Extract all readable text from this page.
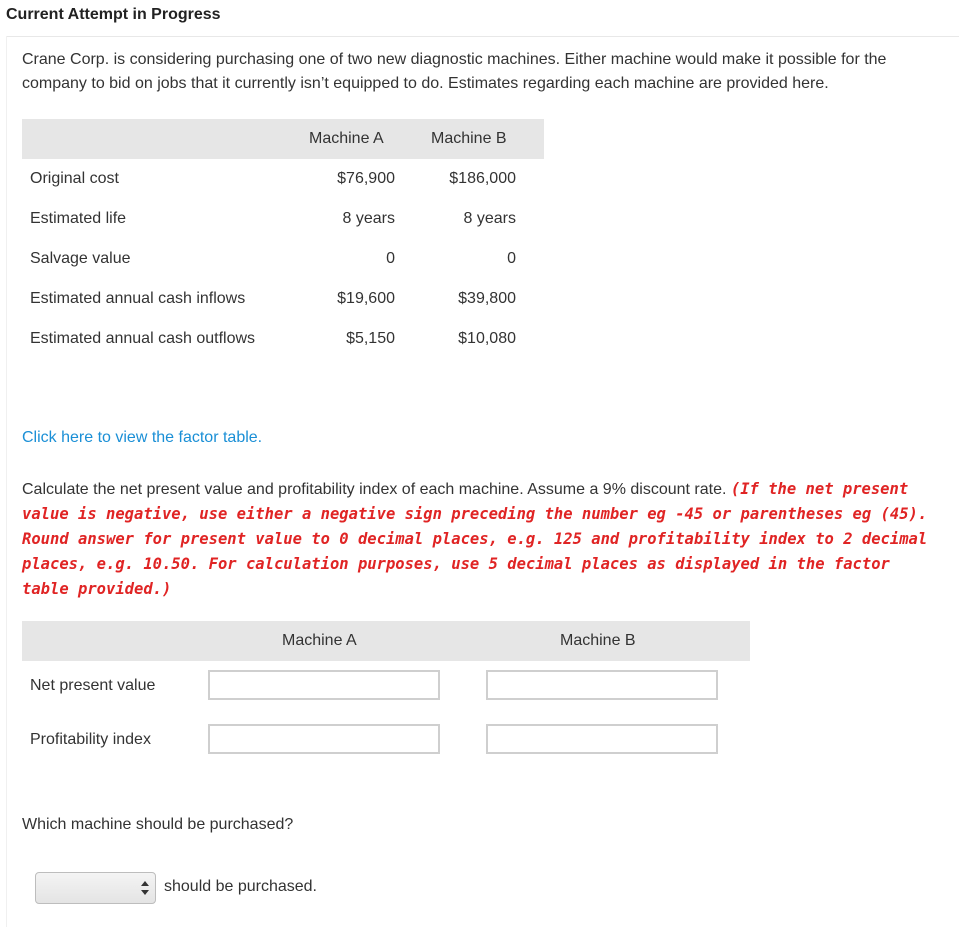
Current Attempt in Progress
Crane Corp. is considering purchasing one of two new diagnostic machines. Either machine would make it possible for the company to bid on jobs that it currently isn’t equipped to do. Estimates regarding each machine are provided here.
Machine A	Machine B
Original cost	$76,900	$186,000
Estimated life	8 years	8 years
Salvage value	0	0
Estimated annual cash inflows	$19,600	$39,800
Estimated annual cash outflows	$5,150	$10,080
Click here to view the factor table.
Calculate the net present value and profitability index of each machine. Assume a 9% discount rate. (If the net present value is negative, use either a negative sign preceding the number eg -45 or parentheses eg (45). Round answer for present value to 0 decimal places, e.g. 125 and profitability index to 2 decimal places, e.g. 10.50. For calculation purposes, use 5 decimal places as displayed in the factor table provided.)
Machine A	Machine B
Net present value
Profitability index
Which machine should be purchased?
should be purchased.
